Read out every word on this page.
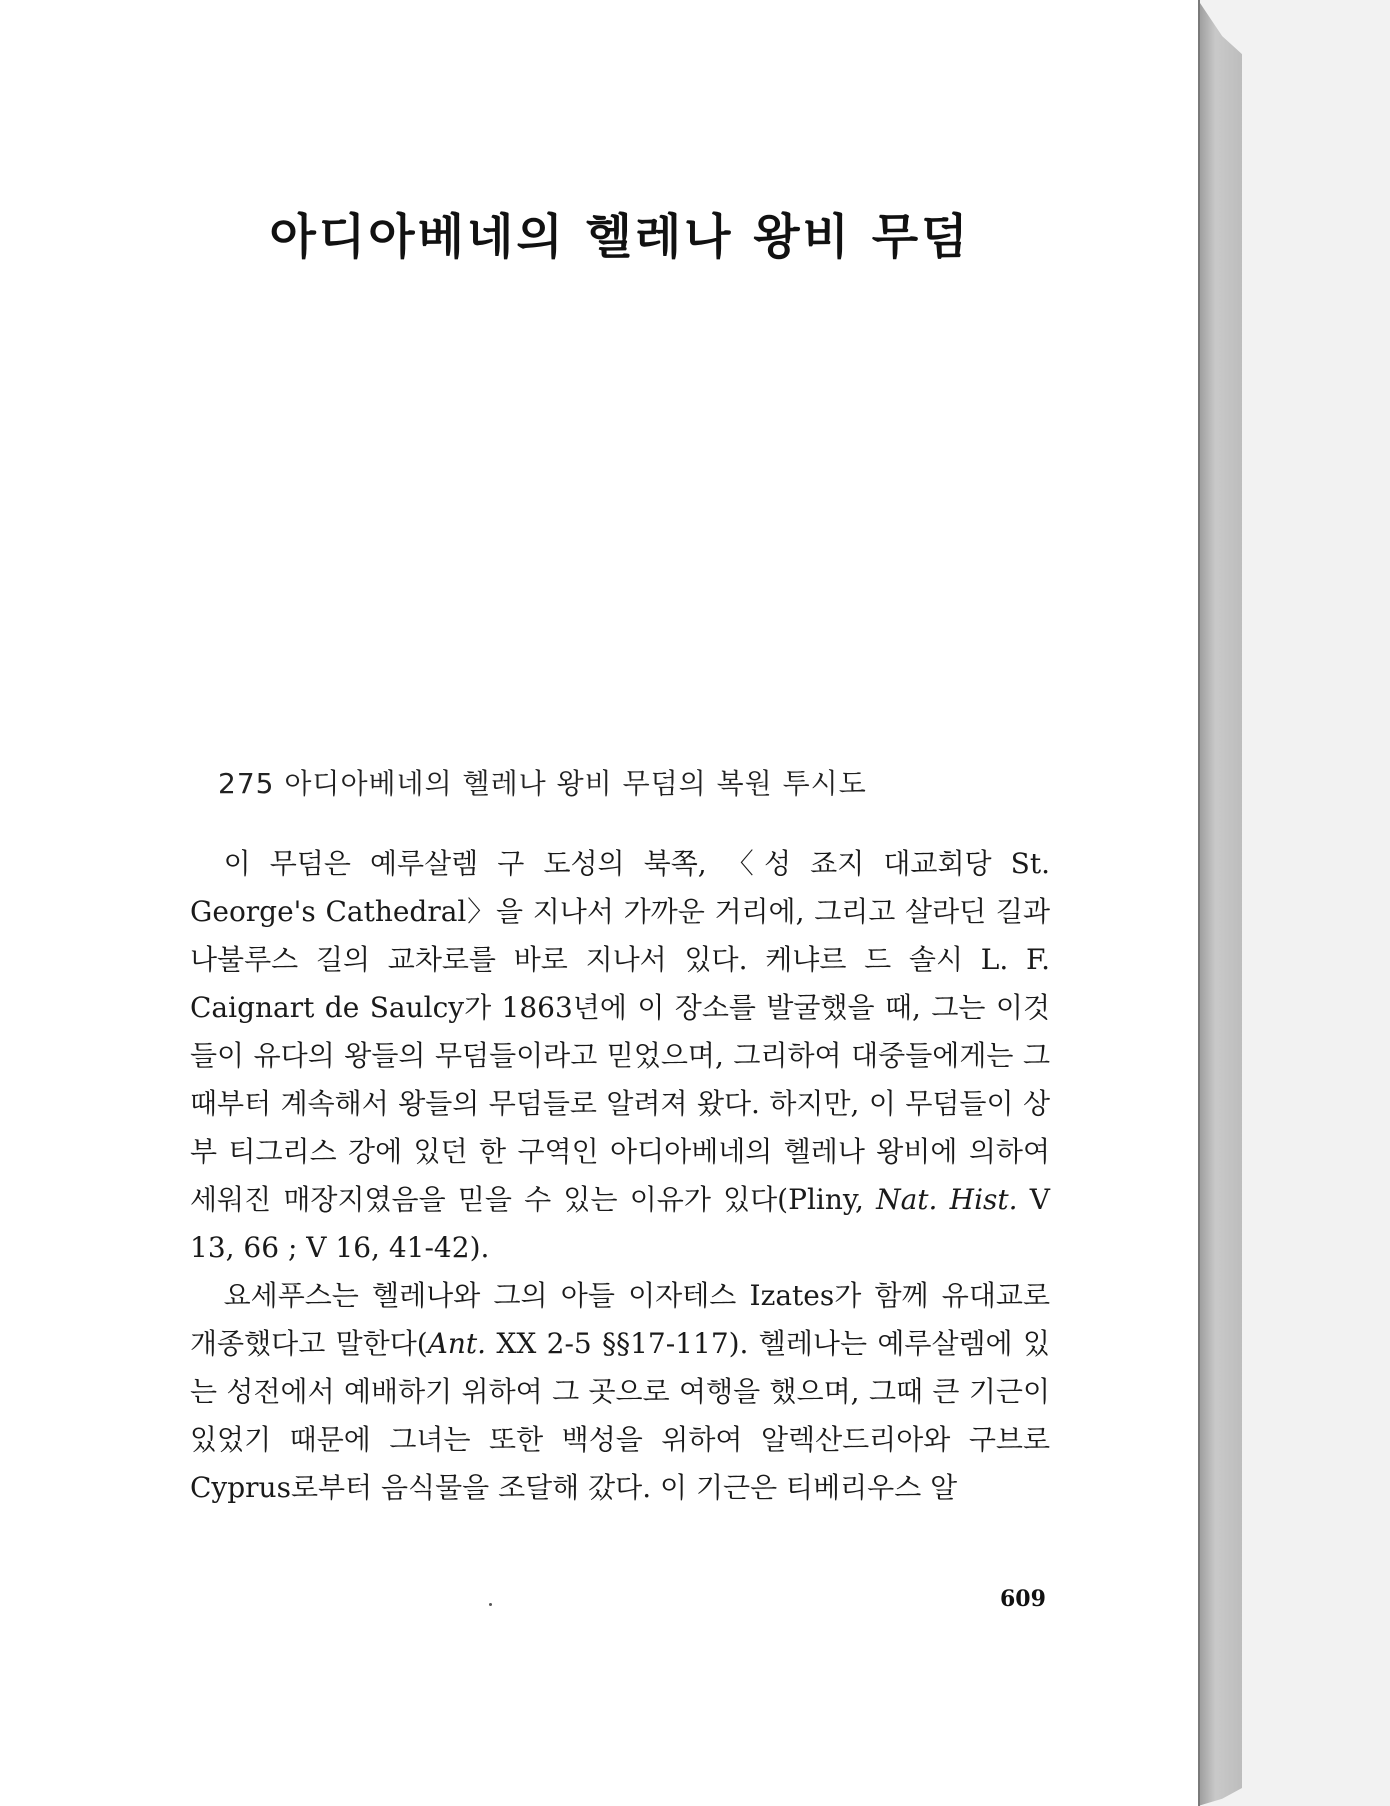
아디아베네의 헬레나 왕비 무덤
275 아디아베네의 헬레나 왕비 무덤의 복원 투시도

이 무덤은 예루살렘 구 도성의 북쪽, 〈성 죠지 대교회당 St. George's Cathedral〉을 지나서 가까운 거리에, 그리고 살라딘 길과 나불루스 길의 교차로를 바로 지나서 있다. 케냐르 드 솔시 L. F. Caignart de Saulcy가 1863년에 이 장소를 발굴했을 때, 그는 이것들이 유다의 왕들의 무덤들이라고 믿었으며, 그리하여 대중들에게는 그때부터 계속해서 왕들의 무덤들로 알려져 왔다. 하지만, 이 무덤들이 상부 티그리스 강에 있던 한 구역인 아디아베네의 헬레나 왕비에 의하여 세워진 매장지였음을 믿을 수 있는 이유가 있다(Pliny, Nat. Hist. V 13, 66 ; V 16, 41-42).

요세푸스는 헬레나와 그의 아들 이자테스 Izates가 함께 유대교로 개종했다고 말한다(Ant. XX 2-5 §§17-117). 헬레나는 예루살렘에 있는 성전에서 예배하기 위하여 그 곳으로 여행을 했으며, 그때 큰 기근이 있었기 때문에 그녀는 또한 백성을 위하여 알렉산드리아와 구브로 Cyprus로부터 음식물을 조달해 갔다. 이 기근은 티베리우스 알

609
